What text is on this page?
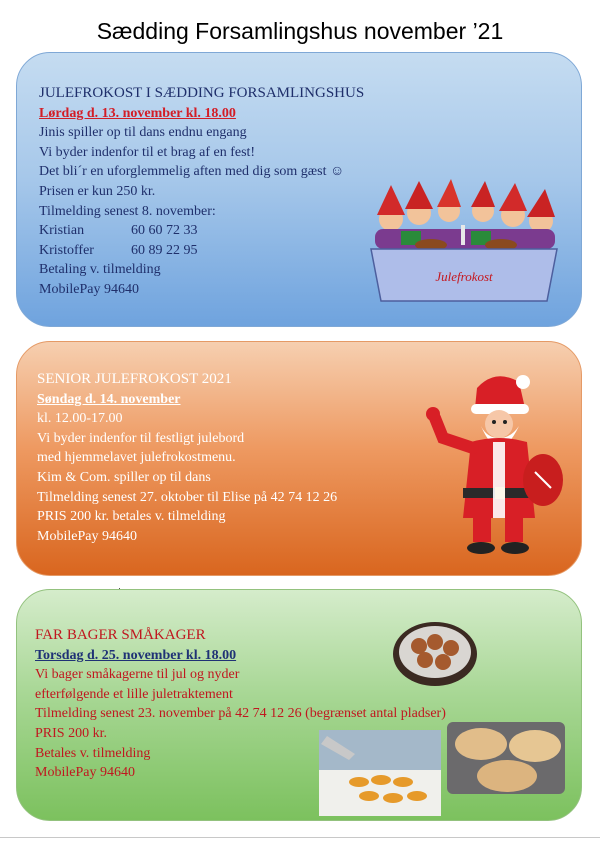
Sædding Forsamlingshus november ’21
JULEFROKOST I SÆDDING FORSAMLINGSHUS
Lørdag d. 13. november kl. 18.00
Jinis spiller op til dans endnu engang
Vi byder indenfor til et brag af en fest!
Det bli´r en uforglemmelig aften med dig som gæst ☺
Prisen er kun 250 kr.
Tilmelding senest 8. november:
Kristian	60 60 72 33
Kristoffer	60 89 22 95
Betaling v. tilmelding
MobilePay 94640
Julefrokost
SENIOR JULEFROKOST 2021
Søndag d. 14. november
kl. 12.00-17.00
Vi byder indenfor til festligt julebord
med hjemmelavet julefrokostmenu.
Kim & Com. spiller op til dans
Tilmelding senest 27. oktober til Elise på 42 74 12 26
PRIS 200 kr. betales v. tilmelding
MobilePay 94640
FAR BAGER SMÅKAGER
Torsdag d. 25. november kl. 18.00
Vi bager småkagerne til jul og nyder
efterfølgende et lille juletraktement
Tilmelding senest 23. november på 42 74 12 26 (begrænset antal pladser)
PRIS 200 kr.
Betales v. tilmelding
MobilePay 94640
